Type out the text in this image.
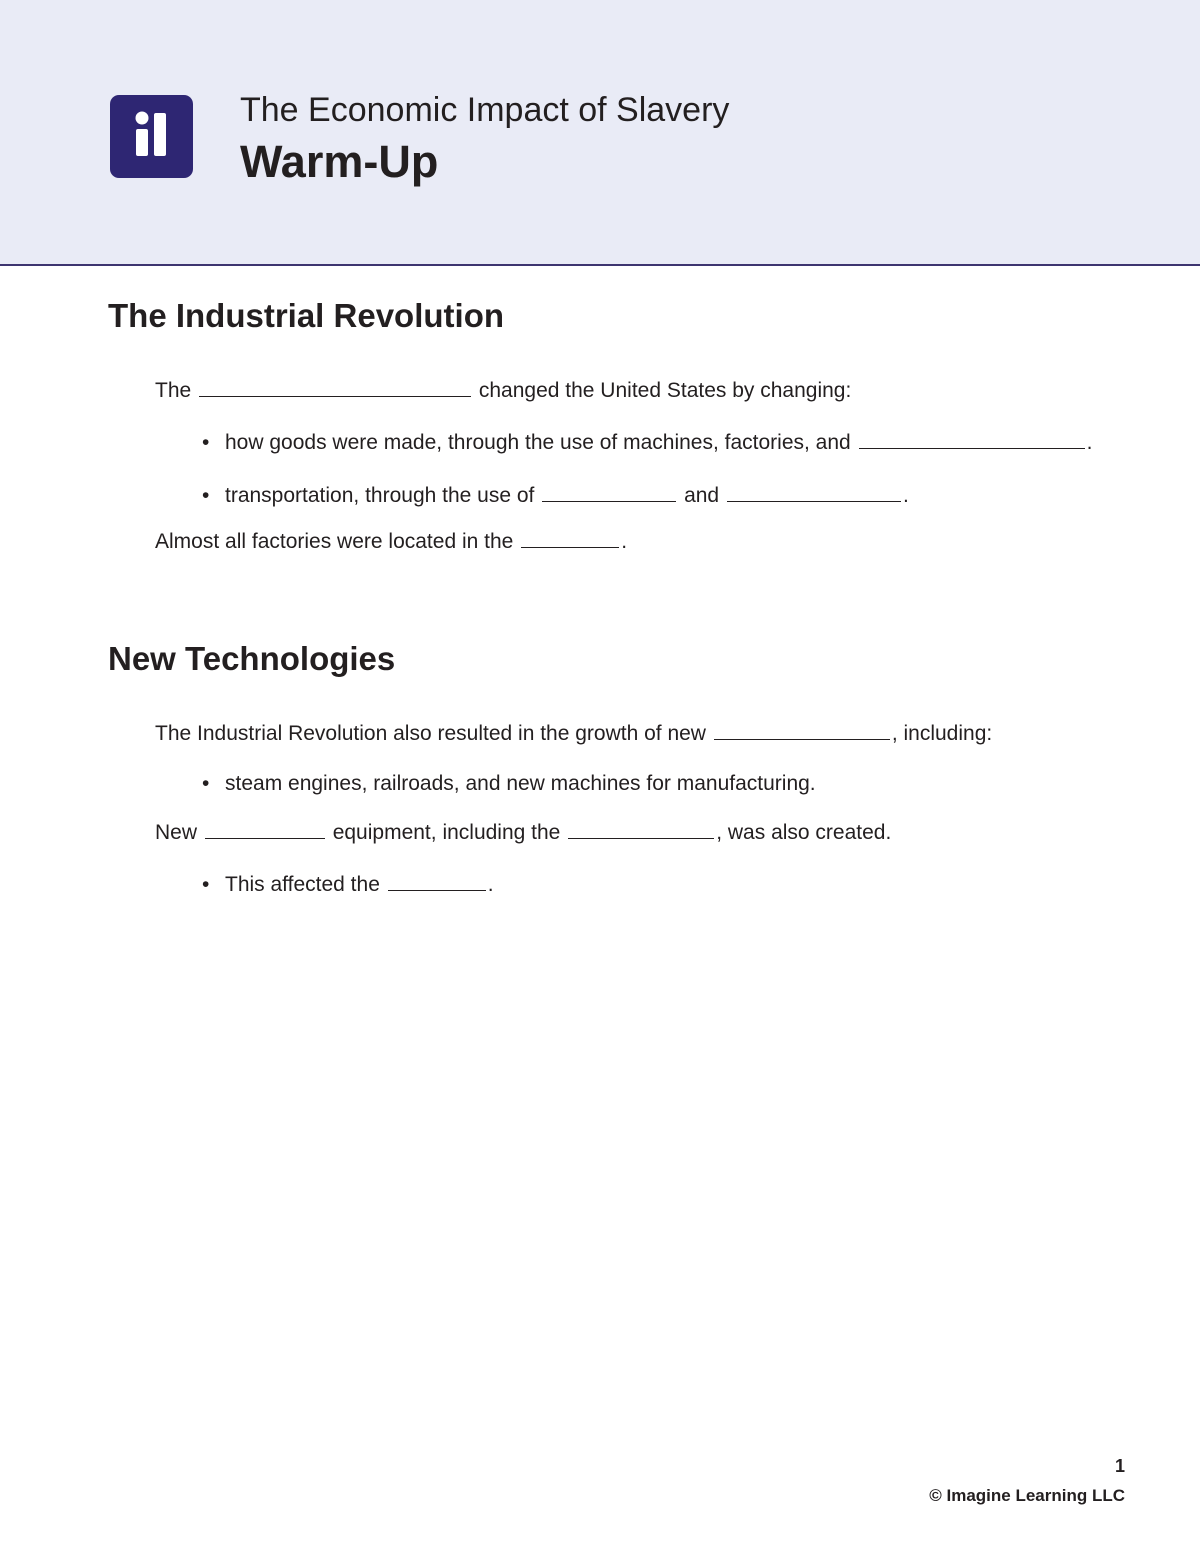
The Economic Impact of Slavery
Warm-Up
The Industrial Revolution
The	changed the United States by changing:
• how goods were made, through the use of machines, factories, and	.
• transportation, through the use of	and	.
Almost all factories were located in the	.
New Technologies
The Industrial Revolution also resulted in the growth of new	, including:
• steam engines, railroads, and new machines for manufacturing.
New	equipment, including the	, was also created.
• This affected the	.
1
© Imagine Learning LLC
